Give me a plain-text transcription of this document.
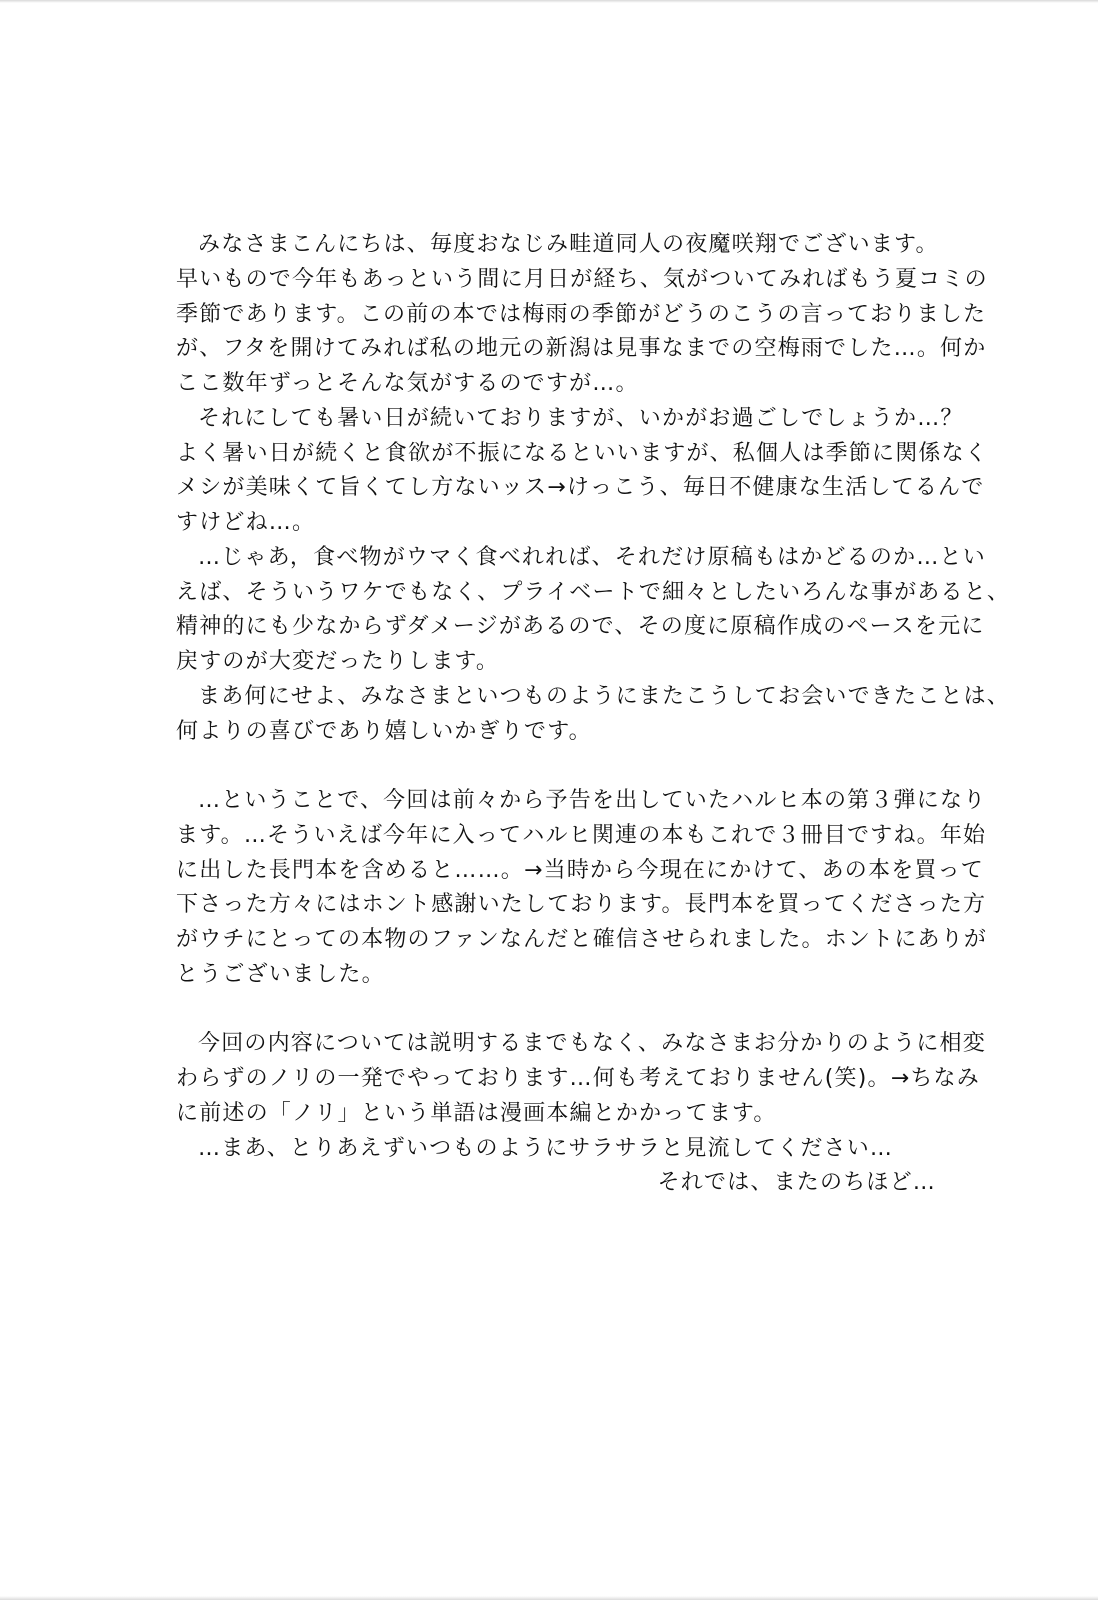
みなさまこんにちは、毎度おなじみ畦道同人の夜魔咲翔でございます。
早いもので今年もあっという間に月日が経ち、気がついてみればもう夏コミの
季節であります。この前の本では梅雨の季節がどうのこうの言っておりました
が、フタを開けてみれば私の地元の新潟は見事なまでの空梅雨でした…。何か
ここ数年ずっとそんな気がするのですが…。
それにしても暑い日が続いておりますが、いかがお過ごしでしょうか…？
よく暑い日が続くと食欲が不振になるといいますが、私個人は季節に関係なく
メシが美味くて旨くてし方ないッス→けっこう、毎日不健康な生活してるんで
すけどね…。
…じゃあ，食べ物がウマく食べれれば、それだけ原稿もはかどるのか…とい
えば、そういうワケでもなく、プライベートで細々としたいろんな事があると、
精神的にも少なからずダメージがあるので、その度に原稿作成のペースを元に
戻すのが大変だったりします。
まあ何にせよ、みなさまといつものようにまたこうしてお会いできたことは、
何よりの喜びであり嬉しいかぎりです。
…ということで、今回は前々から予告を出していたハルヒ本の第３弾になり
ます。…そういえば今年に入ってハルヒ関連の本もこれで３冊目ですね。年始
に出した長門本を含めると……。→当時から今現在にかけて、あの本を買って
下さった方々にはホント感謝いたしております。長門本を買ってくださった方
がウチにとっての本物のファンなんだと確信させられました。ホントにありが
とうございました。
今回の内容については説明するまでもなく、みなさまお分かりのように相変
わらずのノリの一発でやっております…何も考えておりません(笑)。→ちなみ
に前述の「ノリ」という単語は漫画本編とかかってます。
…まあ、とりあえずいつものようにサラサラと見流してください…
それでは、またのちほど…
